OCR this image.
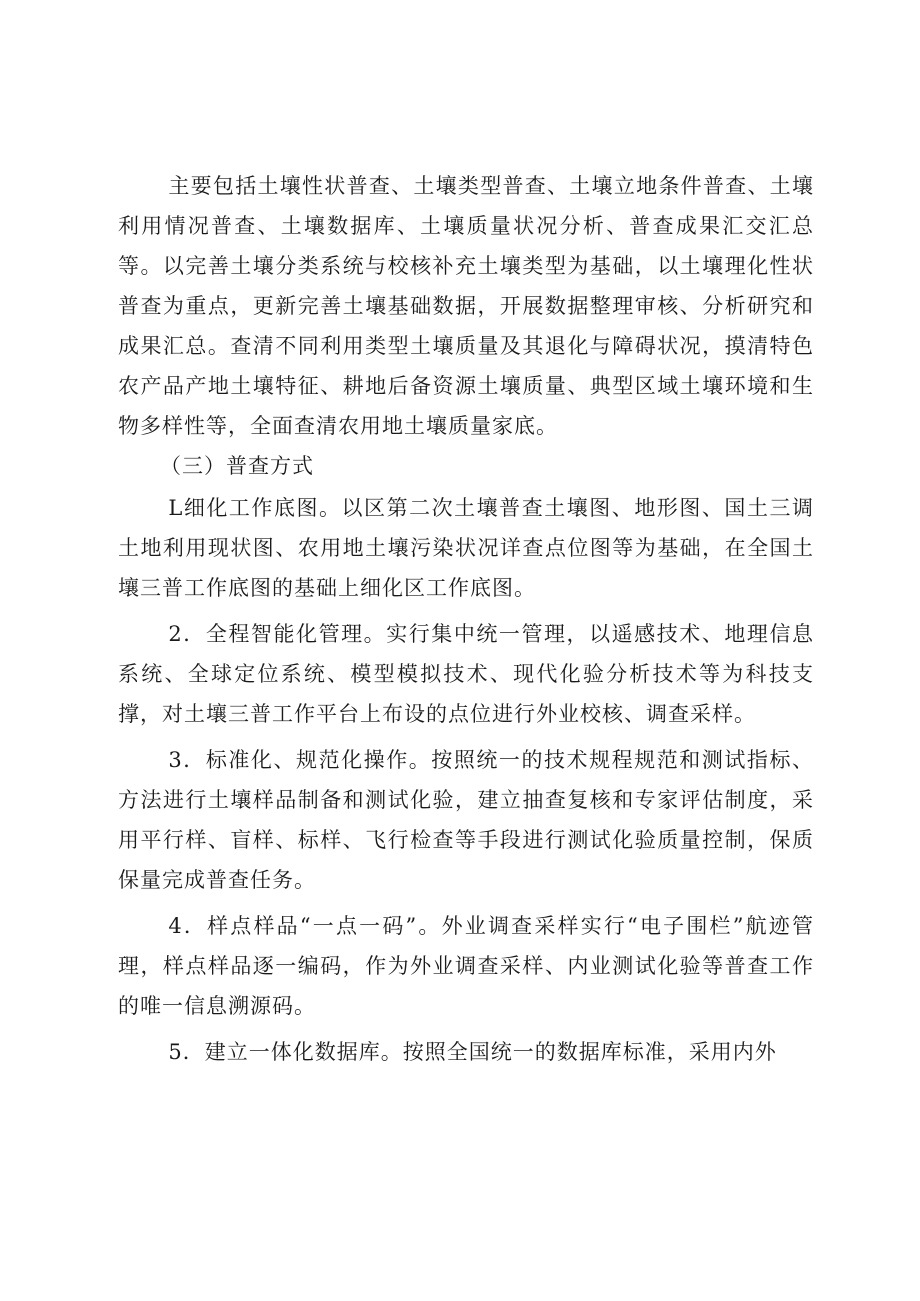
主要包括土壤性状普查、土壤类型普查、土壤立地条件普查、土壤利用情况普查、土壤数据库、土壤质量状况分析、普查成果汇交汇总等。以完善土壤分类系统与校核补充土壤类型为基础，以土壤理化性状普查为重点，更新完善土壤基础数据，开展数据整理审核、分析研究和成果汇总。查清不同利用类型土壤质量及其退化与障碍状况，摸清特色农产品产地土壤特征、耕地后备资源土壤质量、典型区域土壤环境和生物多样性等，全面查清农用地土壤质量家底。

（三）普查方式

L细化工作底图。以区第二次土壤普查土壤图、地形图、国土三调土地利用现状图、农用地土壤污染状况详查点位图等为基础，在全国土壤三普工作底图的基础上细化区工作底图。

2．全程智能化管理。实行集中统一管理，以遥感技术、地理信息系统、全球定位系统、模型模拟技术、现代化验分析技术等为科技支撑，对土壤三普工作平台上布设的点位进行外业校核、调查采样。

3．标准化、规范化操作。按照统一的技术规程规范和测试指标、方法进行土壤样品制备和测试化验，建立抽查复核和专家评估制度，采用平行样、盲样、标样、飞行检查等手段进行测试化验质量控制，保质保量完成普查任务。

4．样点样品“一点一码”。外业调查采样实行“电子围栏”航迹管理，样点样品逐一编码，作为外业调查采样、内业测试化验等普查工作的唯一信息溯源码。

5．建立一体化数据库。按照全国统一的数据库标准，采用内外
